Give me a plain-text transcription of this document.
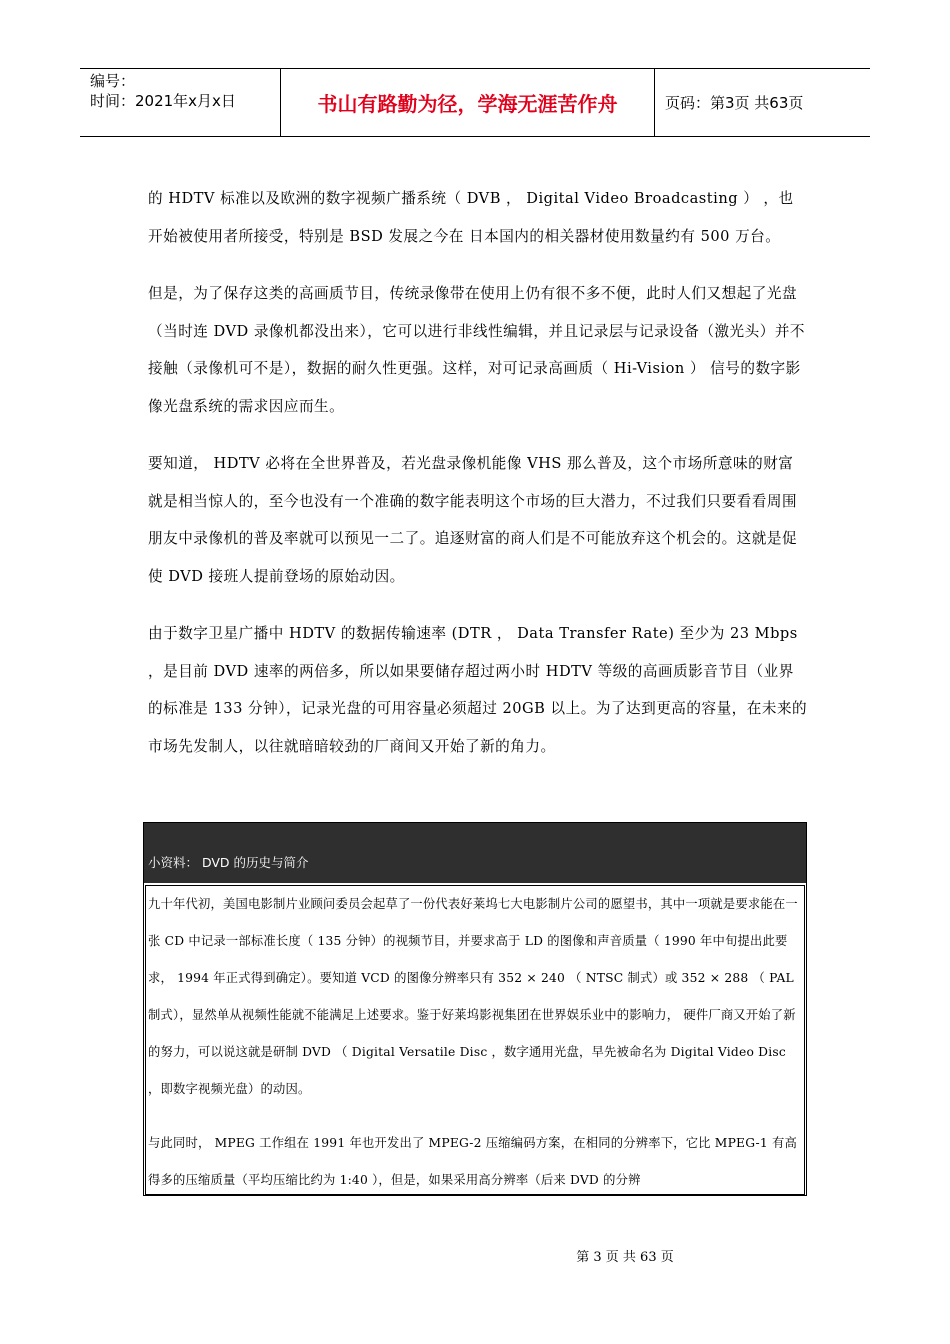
编号：
时间：2021年x月x日	书山有路勤为径，学海无涯苦作舟	页码：第3页 共63页

的 HDTV 标准以及欧洲的数字视频广播系统（ DVB ， Digital Video Broadcasting ） ，也开始被使用者所接受，特别是 BSD 发展之今在 日本国内的相关器材使用数量约有 500 万台。

但是，为了保存这类的高画质节目，传统录像带在使用上仍有很不多不便，此时人们又想起了光盘（当时连 DVD 录像机都没出来），它可以进行非线性编辑，并且记录层与记录设备（激光头）并不接触（录像机可不是），数据的耐久性更强。这样，对可记录高画质（ Hi-Vision ） 信号的数字影像光盘系统的需求因应而生。

要知道， HDTV 必将在全世界普及，若光盘录像机能像 VHS 那么普及，这个市场所意味的财富就是相当惊人的，至今也没有一个准确的数字能表明这个市场的巨大潜力，不过我们只要看看周围朋友中录像机的普及率就可以预见一二了。追逐财富的商人们是不可能放弃这个机会的。这就是促使 DVD 接班人提前登场的原始动因。

由于数字卫星广播中 HDTV 的数据传输速率 (DTR ， Data Transfer Rate) 至少为 23 Mbps ，是目前 DVD 速率的两倍多，所以如果要储存超过两小时 HDTV 等级的高画质影音节目（业界的标准是 133 分钟），记录光盘的可用容量必须超过 20GB 以上。为了达到更高的容量，在未来的市场先发制人，以往就暗暗较劲的厂商间又开始了新的角力。

小资料： DVD 的历史与简介

九十年代初，美国电影制片业顾问委员会起草了一份代表好莱坞七大电影制片公司的愿望书，其中一项就是要求能在一张 CD 中记录一部标准长度（ 135 分钟）的视频节目，并要求高于 LD 的图像和声音质量（ 1990 年中旬提出此要求， 1994 年正式得到确定）。要知道 VCD 的图像分辨率只有 352 × 240 （ NTSC 制式）或 352 × 288 （ PAL 制式），显然单从视频性能就不能满足上述要求。鉴于好莱坞影视集团在世界娱乐业中的影响力， 硬件厂商又开始了新的努力，可以说这就是研制 DVD （ Digital Versatile Disc ，数字通用光盘，早先被命名为 Digital Video Disc ，即数字视频光盘）的动因。

与此同时， MPEG 工作组在 1991 年也开发出了 MPEG-2 压缩编码方案，在相同的分辨率下，它比 MPEG-1 有高得多的压缩质量（平均压缩比约为 1:40 ），但是，如果采用高分辨率（后来 DVD 的分辨

第 3 页 共 63 页
